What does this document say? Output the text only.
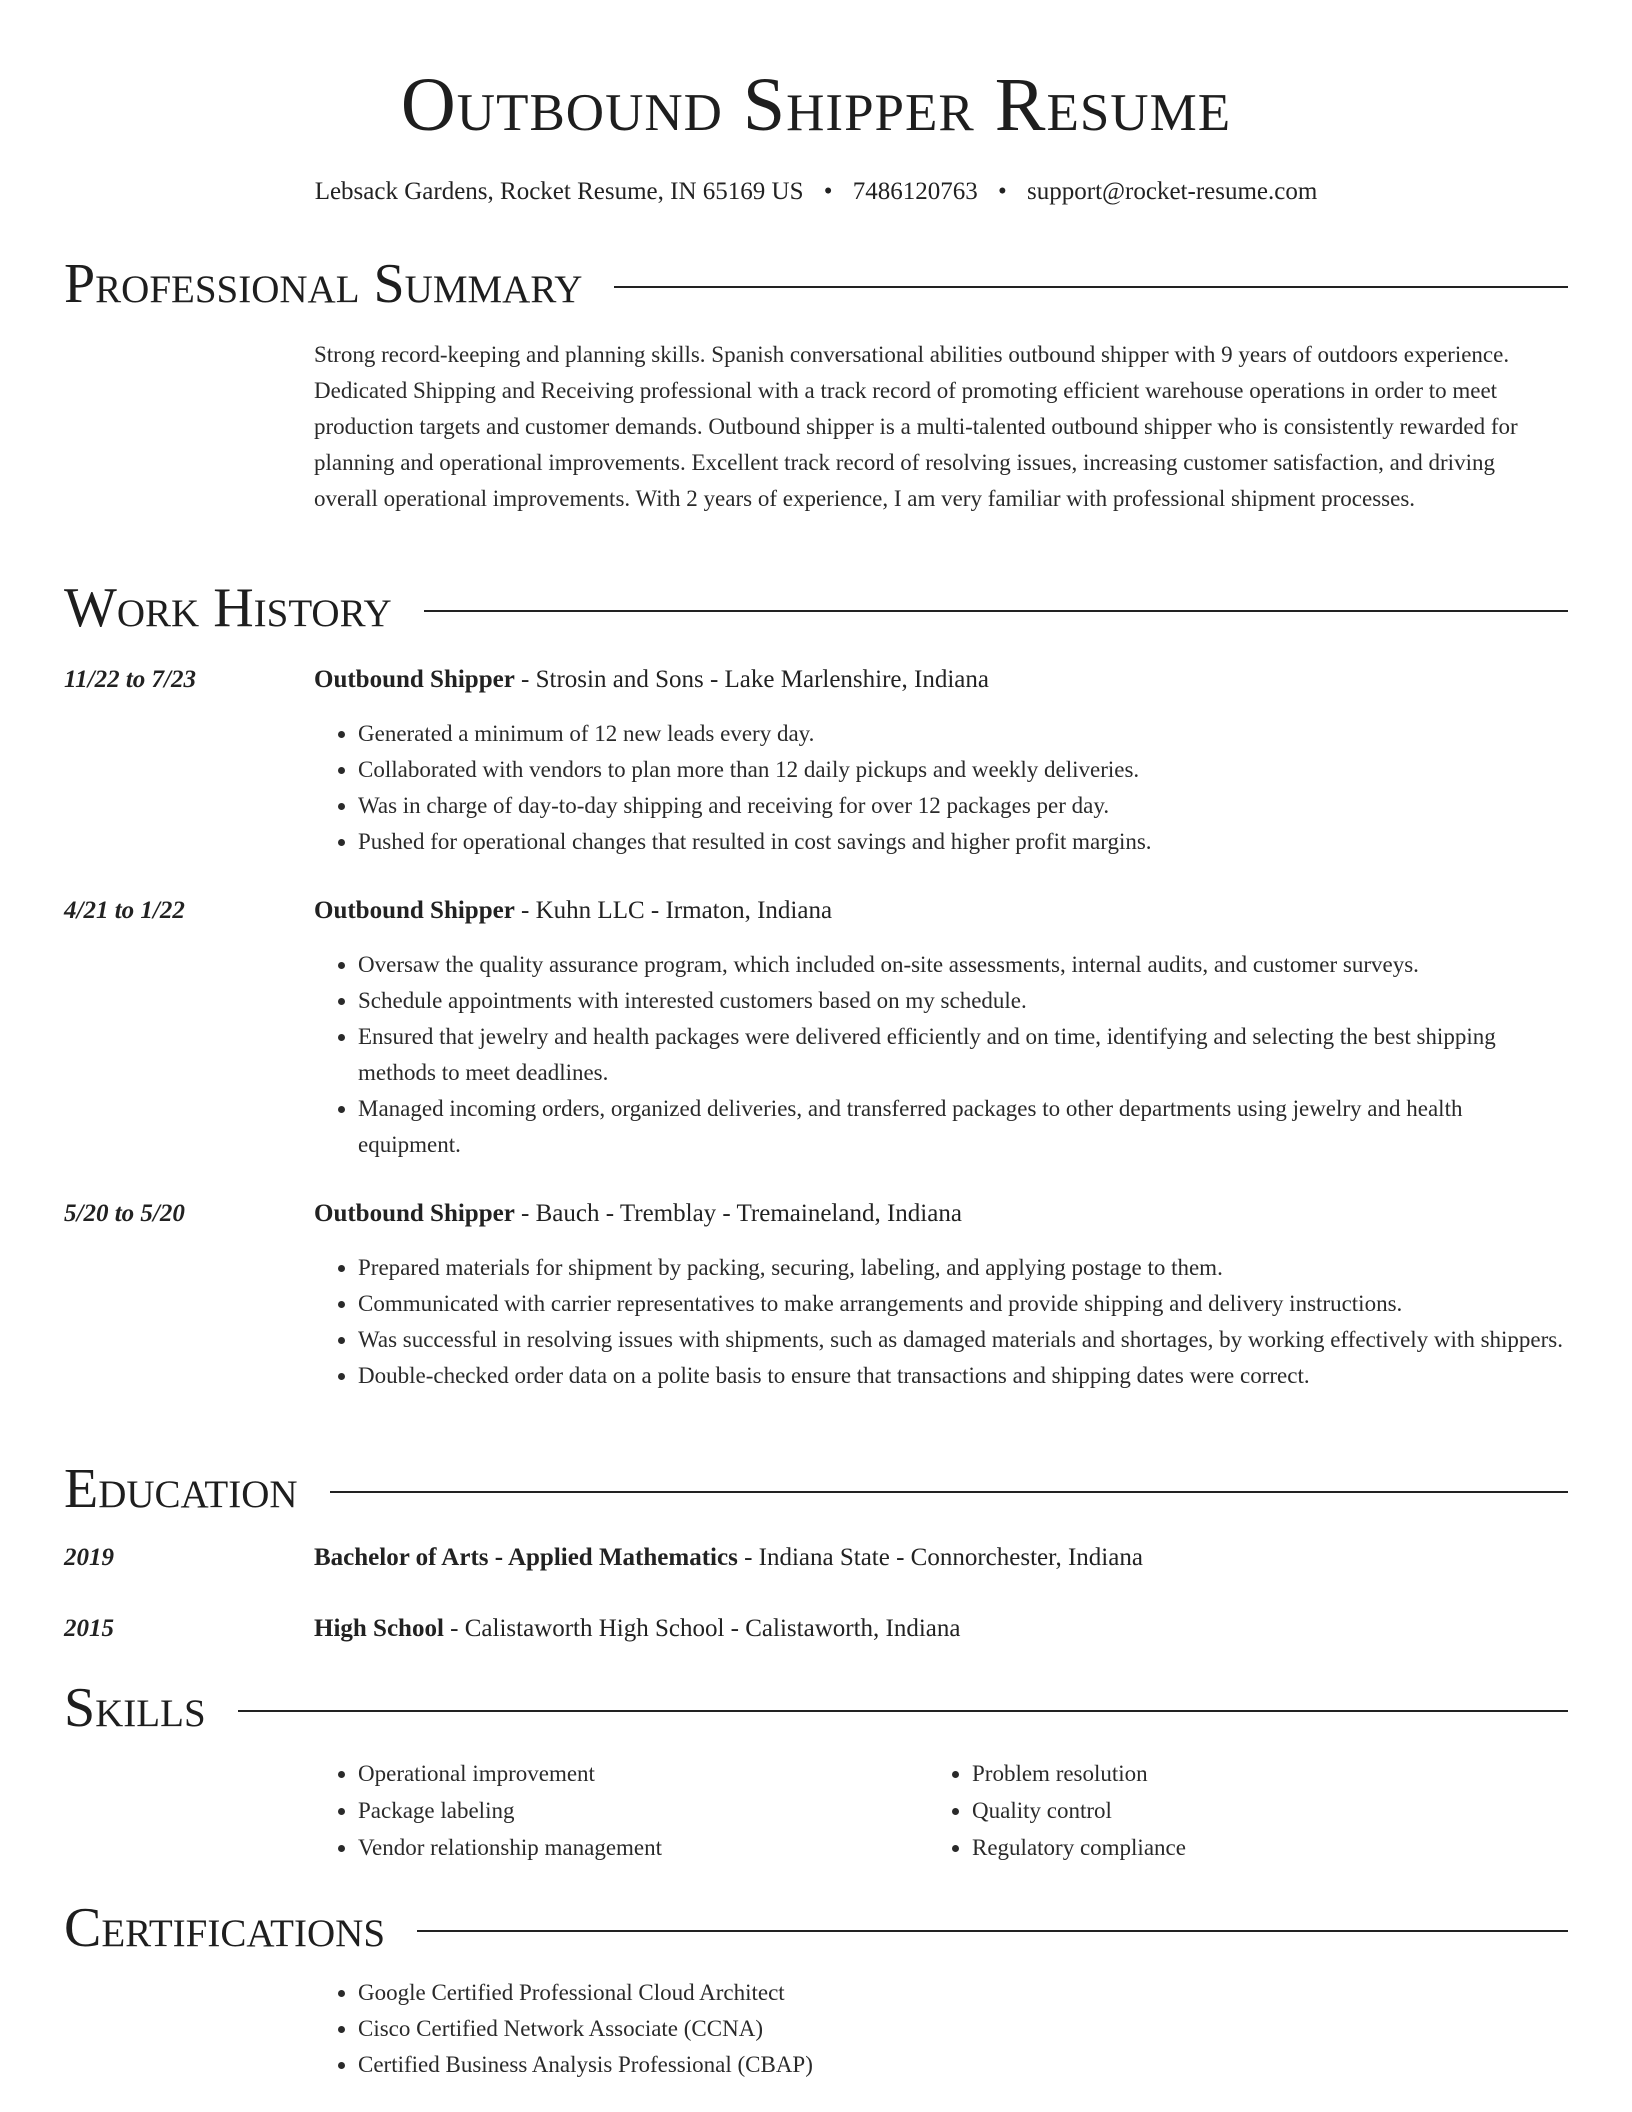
Outbound Shipper Resume
Lebsack Gardens, Rocket Resume, IN 65169 US • 7486120763 • support@rocket-resume.com
Professional Summary
Strong record-keeping and planning skills. Spanish conversational abilities outbound shipper with 9 years of outdoors experience. Dedicated Shipping and Receiving professional with a track record of promoting efficient warehouse operations in order to meet production targets and customer demands. Outbound shipper is a multi-talented outbound shipper who is consistently rewarded for planning and operational improvements. Excellent track record of resolving issues, increasing customer satisfaction, and driving overall operational improvements. With 2 years of experience, I am very familiar with professional shipment processes.
Work History
11/22 to 7/23	Outbound Shipper - Strosin and Sons - Lake Marlenshire, Indiana
• Generated a minimum of 12 new leads every day.
• Collaborated with vendors to plan more than 12 daily pickups and weekly deliveries.
• Was in charge of day-to-day shipping and receiving for over 12 packages per day.
• Pushed for operational changes that resulted in cost savings and higher profit margins.
4/21 to 1/22	Outbound Shipper - Kuhn LLC - Irmaton, Indiana
• Oversaw the quality assurance program, which included on-site assessments, internal audits, and customer surveys.
• Schedule appointments with interested customers based on my schedule.
• Ensured that jewelry and health packages were delivered efficiently and on time, identifying and selecting the best shipping methods to meet deadlines.
• Managed incoming orders, organized deliveries, and transferred packages to other departments using jewelry and health equipment.
5/20 to 5/20	Outbound Shipper - Bauch - Tremblay - Tremaineland, Indiana
• Prepared materials for shipment by packing, securing, labeling, and applying postage to them.
• Communicated with carrier representatives to make arrangements and provide shipping and delivery instructions.
• Was successful in resolving issues with shipments, such as damaged materials and shortages, by working effectively with shippers.
• Double-checked order data on a polite basis to ensure that transactions and shipping dates were correct.
Education
2019	Bachelor of Arts - Applied Mathematics - Indiana State - Connorchester, Indiana
2015	High School - Calistaworth High School - Calistaworth, Indiana
Skills
• Operational improvement
• Package labeling
• Vendor relationship management
• Problem resolution
• Quality control
• Regulatory compliance
Certifications
• Google Certified Professional Cloud Architect
• Cisco Certified Network Associate (CCNA)
• Certified Business Analysis Professional (CBAP)
